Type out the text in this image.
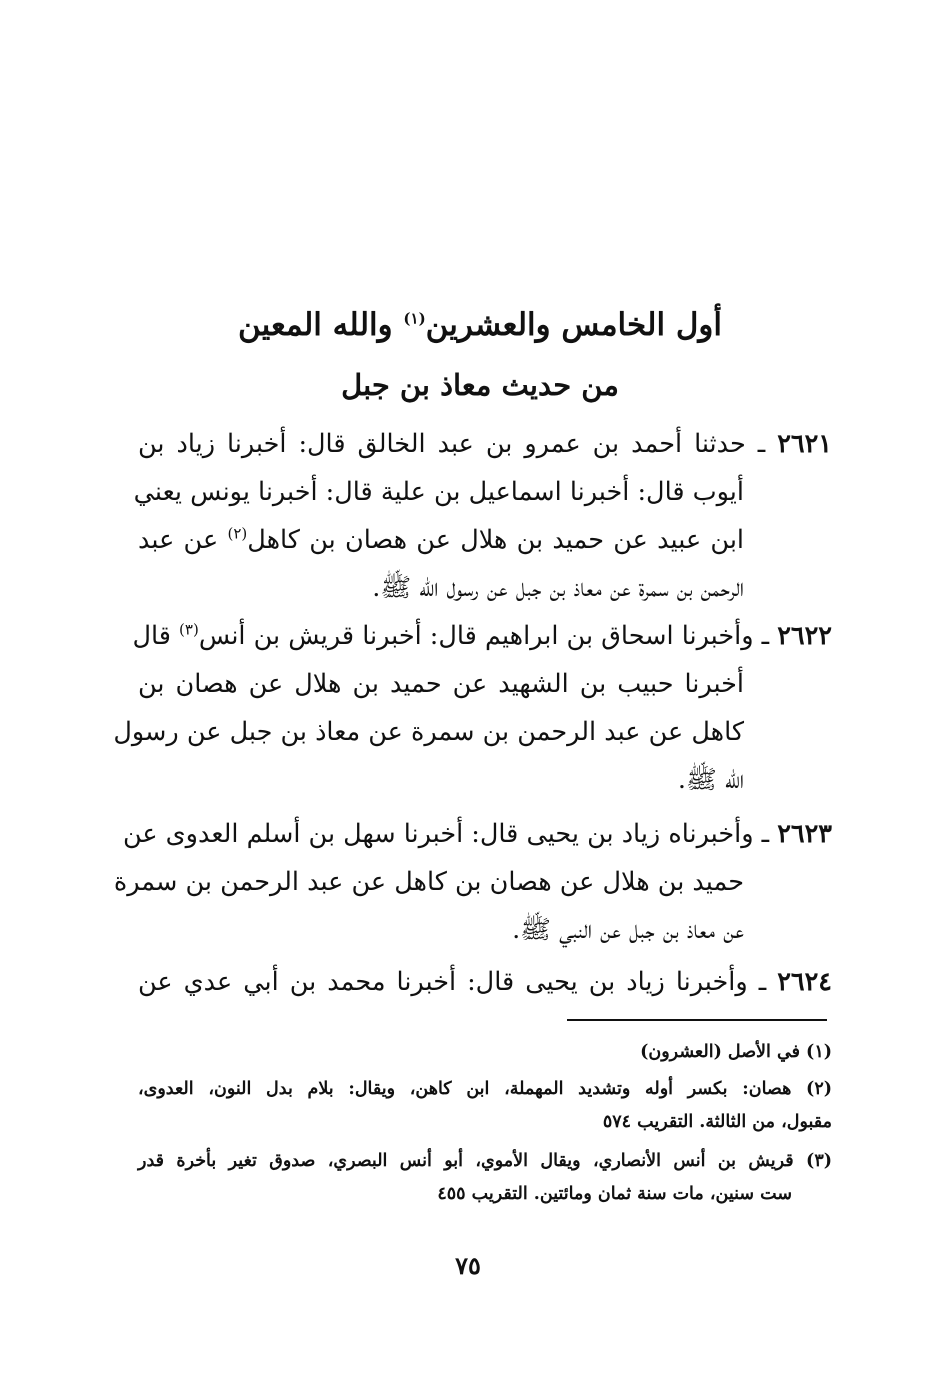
أول الخامس والعشرين$^{(١)}$ والله المعين
من حديث معاذ بن جبل
٢٦٢١ ـ حدثنا أحمد بن عمرو بن عبد الخالق قال: أخبرنا زياد بن
أيوب قال: أخبرنا اسماعيل بن علية قال: أخبرنا يونس يعني
ابن عبيد عن حميد بن هلال عن هصان بن كاهل$^{(٢)}$ عن عبد
الرحمن بن سمرة عن معاذ بن جبل عن رسول الله ﷺ.
٢٦٢٢ ـ وأخبرنا اسحاق بن ابراهيم قال: أخبرنا قريش بن أنس$^{(٣)}$ قال
أخبرنا حبيب بن الشهيد عن حميد بن هلال عن هصان بن
كاهل عن عبد الرحمن بن سمرة عن معاذ بن جبل عن رسول
الله ﷺ.
٢٦٢٣ ـ وأخبرناه زياد بن يحيى قال: أخبرنا سهل بن أسلم العدوى عن
حميد بن هلال عن هصان بن كاهل عن عبد الرحمن بن سمرة
عن معاذ بن جبل عن النبي ﷺ.
٢٦٢٤ ـ وأخبرنا زياد بن يحيى قال: أخبرنا محمد بن أبي عدي عن
(١) في الأصل (العشرون)
(٢) هصان: بكسر أوله وتشديد المهملة، ابن كاهن، ويقال: بلام بدل النون، العدوى،
مقبول، من الثالثة. التقريب ٥٧٤
(٣) قريش بن أنس الأنصاري، ويقال الأموي، أبو أنس البصري، صدوق تغير بأخرة قدر
ست سنين، مات سنة ثمان ومائتين. التقريب ٤٥٥
٧٥
